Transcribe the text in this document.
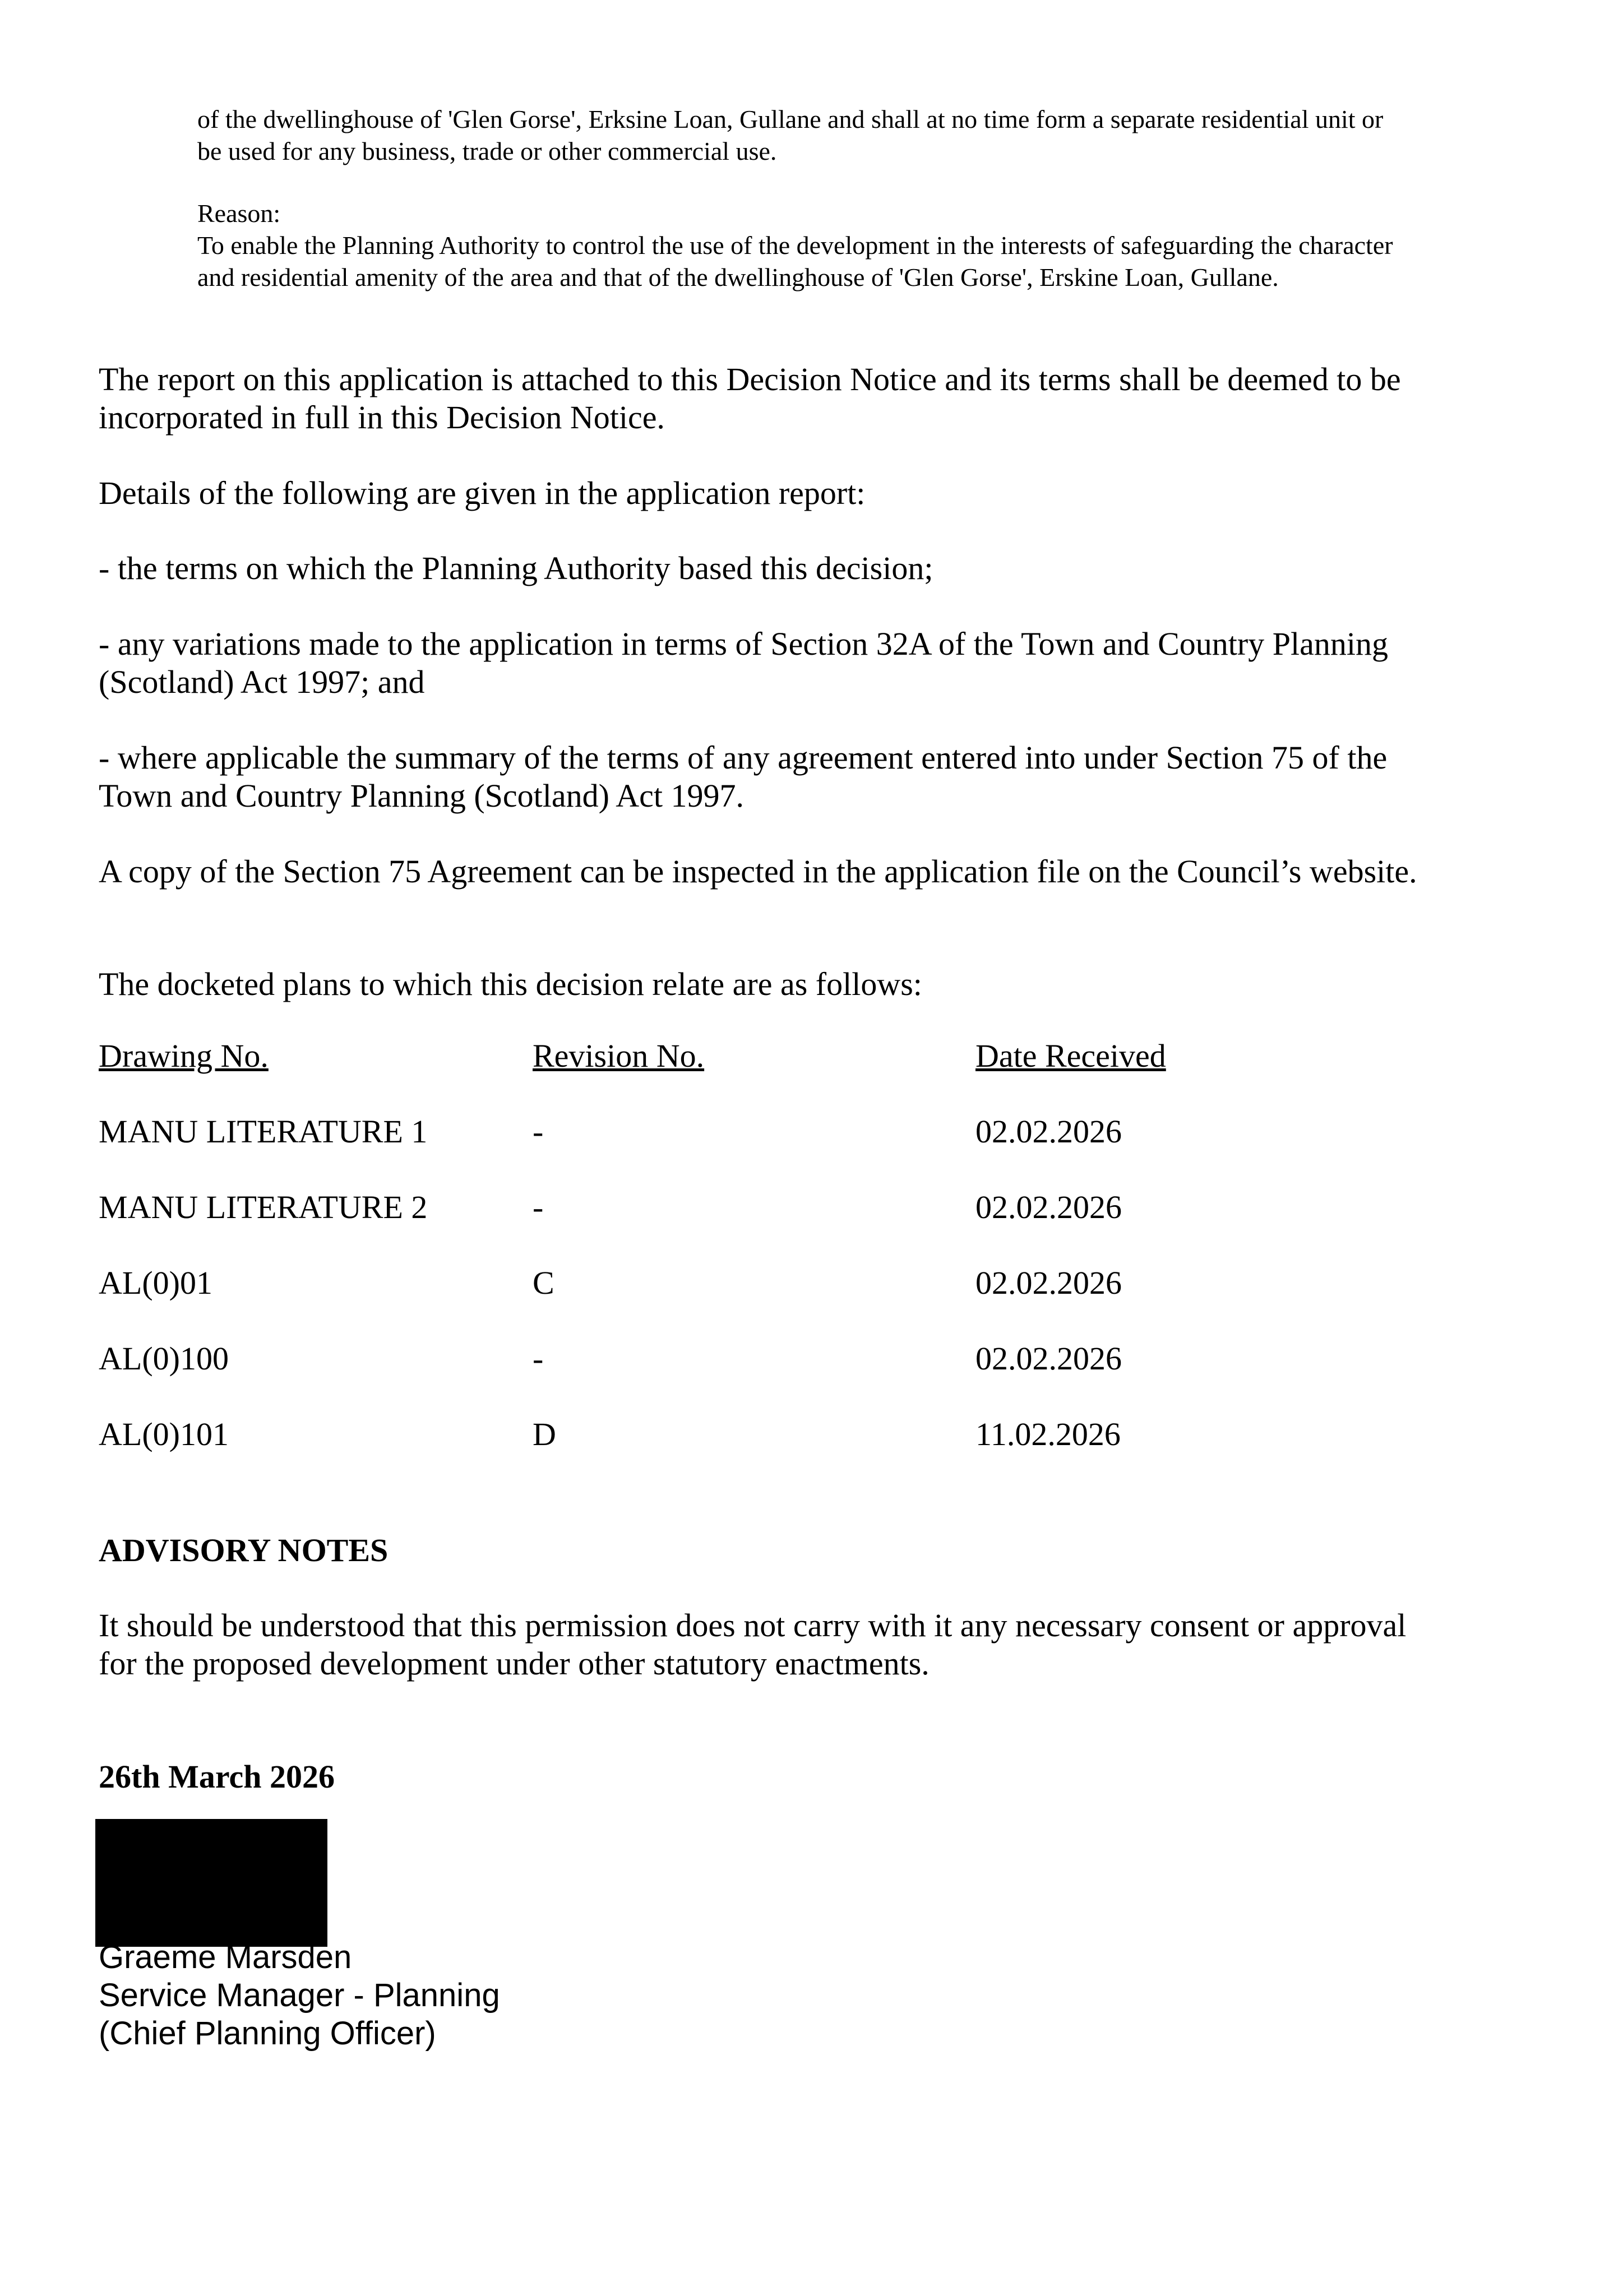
of the dwellinghouse of 'Glen Gorse', Erksine Loan, Gullane and shall at no time form a separate residential unit or be used for any business, trade or other commercial use.

Reason:

To enable the Planning Authority to control the use of the development in the interests of safeguarding the character and residential amenity of the area and that of the dwellinghouse of 'Glen Gorse', Erskine Loan, Gullane.

The report on this application is attached to this Decision Notice and its terms shall be deemed to be incorporated in full in this Decision Notice.

Details of the following are given in the application report:

- the terms on which the Planning Authority based this decision;

- any variations made to the application in terms of Section 32A of the Town and Country Planning (Scotland) Act 1997; and

- where applicable the summary of the terms of any agreement entered into under Section 75 of the Town and Country Planning (Scotland) Act 1997.

A copy of the Section 75 Agreement can be inspected in the application file on the Council’s website.

The docketed plans to which this decision relate are as follows:

Drawing No.	Revision No.	Date Received
MANU LITERATURE 1	-	02.02.2026
MANU LITERATURE 2	-	02.02.2026
AL(0)01	C	02.02.2026
AL(0)100	-	02.02.2026
AL(0)101	D	11.02.2026
ADVISORY NOTES

It should be understood that this permission does not carry with it any necessary consent or approval for the proposed development under other statutory enactments.

26th March 2026
Graeme Marsden
Service Manager - Planning
(Chief Planning Officer)
